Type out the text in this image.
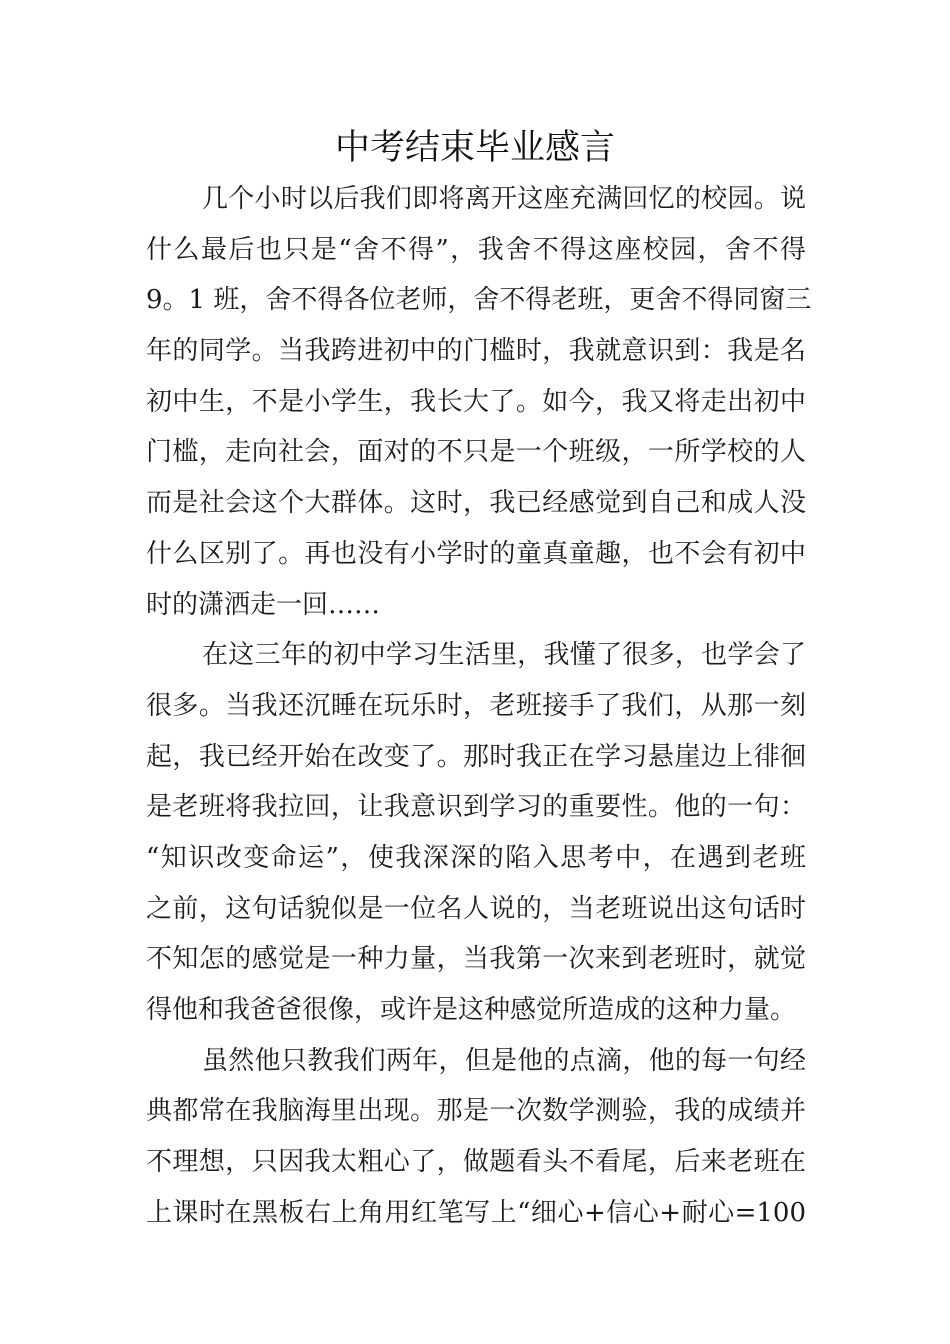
中考结束毕业感言
几个小时以后我们即将离开这座充满回忆的校园。说
什么最后也只是“舍不得”，我舍不得这座校园，舍不得
9。1 班，舍不得各位老师，舍不得老班，更舍不得同窗三
年的同学。当我跨进初中的门槛时，我就意识到：我是名
初中生，不是小学生，我长大了。如今，我又将走出初中
门槛，走向社会，面对的不只是一个班级，一所学校的人
而是社会这个大群体。这时，我已经感觉到自己和成人没
什么区别了。再也没有小学时的童真童趣，也不会有初中
时的潇洒走一回……
在这三年的初中学习生活里，我懂了很多，也学会了
很多。当我还沉睡在玩乐时，老班接手了我们，从那一刻
起，我已经开始在改变了。那时我正在学习悬崖边上徘徊
是老班将我拉回，让我意识到学习的重要性。他的一句：
“知识改变命运”，使我深深的陷入思考中，在遇到老班
之前，这句话貌似是一位名人说的，当老班说出这句话时
不知怎的感觉是一种力量，当我第一次来到老班时，就觉
得他和我爸爸很像，或许是这种感觉所造成的这种力量。
虽然他只教我们两年，但是他的点滴，他的每一句经
典都常在我脑海里出现。那是一次数学测验，我的成绩并
不理想，只因我太粗心了，做题看头不看尾，后来老班在
上课时在黑板右上角用红笔写上“细心+信心+耐心=100
